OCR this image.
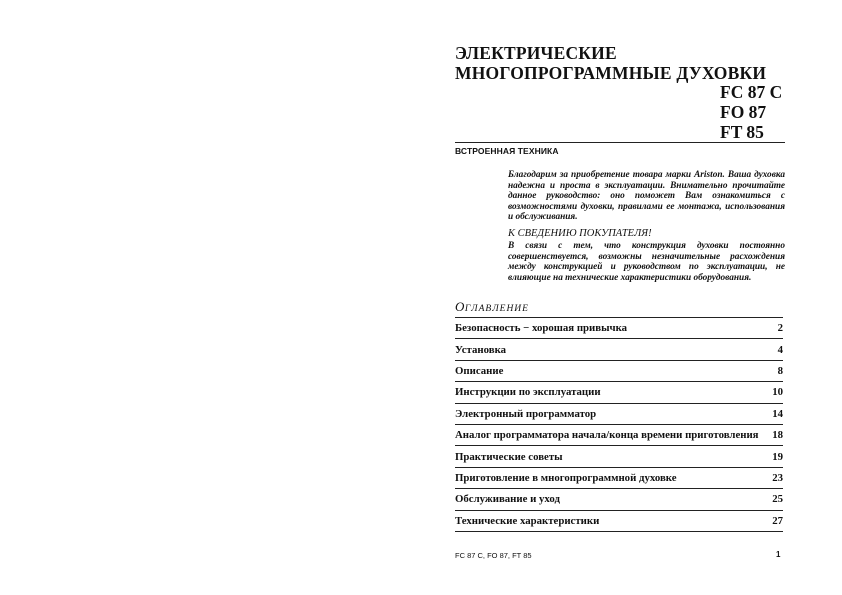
ЭЛЕКТРИЧЕСКИЕ
МНОГОПРОГРАММНЫЕ ДУХОВКИ
FC 87 C
FO 87
FT 85
ВСТРОЕННАЯ ТЕХНИКА

Благодарим за приобретение товара марки Ariston. Ваша духовка надежна и проста в эксплуатации. Внимательно прочитайте данное руководство: оно поможет Вам ознакомиться с возможностями духовки, правилами ее монтажа, использования и обслуживания.

К СВЕДЕНИЮ ПОКУПАТЕЛЯ!

В связи с тем, что конструкция духовки постоянно совершенствуется, возможны незначительные расхождения между конструкцией и руководством по эксплуатации, не влияющие на технические характеристики оборудования.

ОГЛАВЛЕНИЕ
Безопасность − хорошая привычка	2
Установка	4
Описание	8
Инструкции по эксплуатации	10
Электронный программатор	14
Аналог программатора начала/конца времени приготовления 18
Практические советы	19
Приготовление в многопрограммной духовке	23
Обслуживание и уход	25
Технические характеристики	27
FC 87 C, FO 87, FT 85	1
